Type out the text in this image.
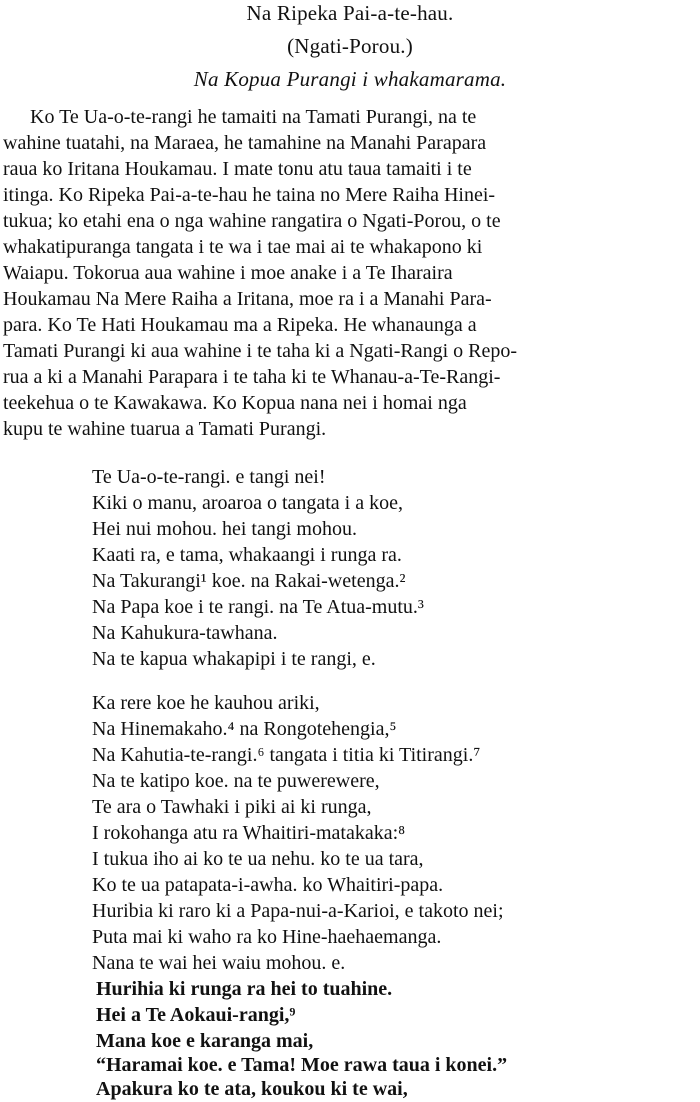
Na Ripeka Pai-a-te-hau.
(Ngati-Porou.)
Na Kopua Purangi i whakamarama.
Ko Te Ua-o-te-rangi he tamaiti na Tamati Purangi, na te
wahine tuatahi, na Maraea, he tamahine na Manahi Parapara
raua ko Iritana Houkamau. I mate tonu atu taua tamaiti i te
itinga. Ko Ripeka Pai-a-te-hau he taina no Mere Raiha Hinei-
tukua; ko etahi ena o nga wahine rangatira o Ngati-Porou, o te
whakatipuranga tangata i te wa i tae mai ai te whakapono ki
Waiapu. Tokorua aua wahine i moe anake i a Te Iharaira
Houkamau Na Mere Raiha a Iritana, moe ra i a Manahi Para-
para. Ko Te Hati Houkamau ma a Ripeka. He whanaunga a
Tamati Purangi ki aua wahine i te taha ki a Ngati-Rangi o Repo-
rua a ki a Manahi Parapara i te taha ki te Whanau-a-Te-Rangi-
teekehua o te Kawakawa. Ko Kopua nana nei i homai nga
kupu te wahine tuarua a Tamati Purangi.
Te Ua-o-te-rangi. e tangi nei!
Kiki o manu, aroaroa o tangata i a koe,
Hei nui mohou. hei tangi mohou.
Kaati ra, e tama, whakaangi i runga ra.
Na Takurangi¹ koe. na Rakai-wetenga.²
Na Papa koe i te rangi. na Te Atua-mutu.³
Na Kahukura-tawhana.
Na te kapua whakapipi i te rangi, e.
Ka rere koe he kauhou ariki,
Na Hinemakaho.⁴ na Rongotehengia,⁵
Na Kahutia-te-rangi.⁶ tangata i titia ki Titirangi.⁷
Na te katipo koe. na te puwerewere,
Te ara o Tawhaki i piki ai ki runga,
I rokohanga atu ra Whaitiri-matakaka:⁸
I tukua iho ai ko te ua nehu. ko te ua tara,
Ko te ua patapata-i-awha. ko Whaitiri-papa.
Huribia ki raro ki a Papa-nui-a-Karioi, e takoto nei;
Puta mai ki waho ra ko Hine-haehaemanga.
Nana te wai hei waiu mohou. e.
Hurihia ki runga ra hei to tuahine.
Hei a Te Aokaui-rangi,⁹
Mana koe e karanga mai,
“Haramai koe. e Tama! Moe rawa taua i konei.”
Apakura ko te ata, koukou ki te wai,
